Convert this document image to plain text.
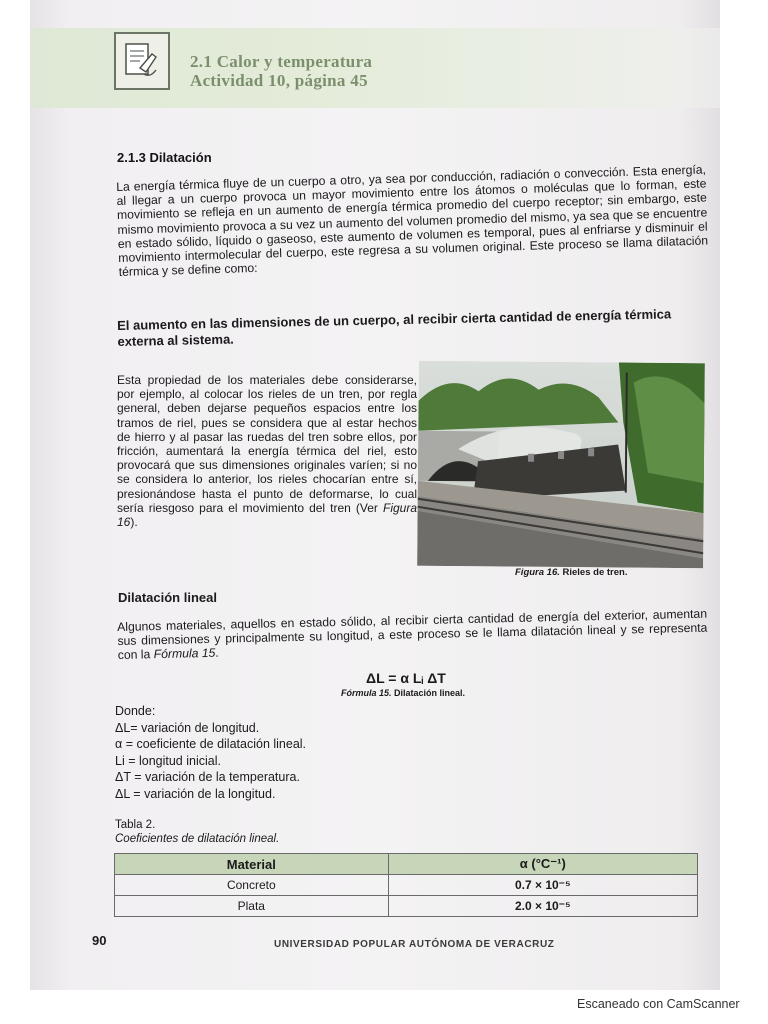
2.1 Calor y temperatura
Actividad 10, página 45
2.1.3 Dilatación
La energía térmica fluye de un cuerpo a otro, ya sea por conducción, radiación o convección. Esta energía, al llegar a un cuerpo provoca un mayor movimiento entre los átomos o moléculas que lo forman, este movimiento se refleja en un aumento de energía térmica promedio del cuerpo receptor; sin embargo, este mismo movimiento provoca a su vez un aumento del volumen promedio del mismo, ya sea que se encuentre en estado sólido, líquido o gaseoso, este aumento de volumen es temporal, pues al enfriarse y disminuir el movimiento intermolecular del cuerpo, este regresa a su volumen original. Este proceso se llama dilatación térmica y se define como:
El aumento en las dimensiones de un cuerpo, al recibir cierta cantidad de energía térmica externa al sistema.
Esta propiedad de los materiales debe considerarse, por ejemplo, al colocar los rieles de un tren, por regla general, deben dejarse pequeños espacios entre los tramos de riel, pues se considera que al estar hechos de hierro y al pasar las ruedas del tren sobre ellos, por fricción, aumentará la energía térmica del riel, esto provocará que sus dimensiones originales varíen; si no se considera lo anterior, los rieles chocarían entre sí, presionándose hasta el punto de deformarse, lo cual sería riesgoso para el movimiento del tren (Ver Figura 16).
Figura 16. Rieles de tren.
Dilatación lineal
Algunos materiales, aquellos en estado sólido, al recibir cierta cantidad de energía del exterior, aumentan sus dimensiones y principalmente su longitud, a este proceso se le llama dilatación lineal y se representa con la Fórmula 15.
ΔL = α Lᵢ ΔT
Fórmula 15. Dilatación lineal.
Donde:
ΔL= variación de longitud.
α = coeficiente de dilatación lineal.
Li = longitud inicial.
ΔT = variación de la temperatura.
ΔL = variación de la longitud.
Tabla 2.
Coeficientes de dilatación lineal.
Material	α (°C⁻¹)
Concreto	0.7 × 10⁻⁵
Plata	2.0 × 10⁻⁵
90	UNIVERSIDAD POPULAR AUTÓNOMA DE VERACRUZ
Escaneado con CamScanner
